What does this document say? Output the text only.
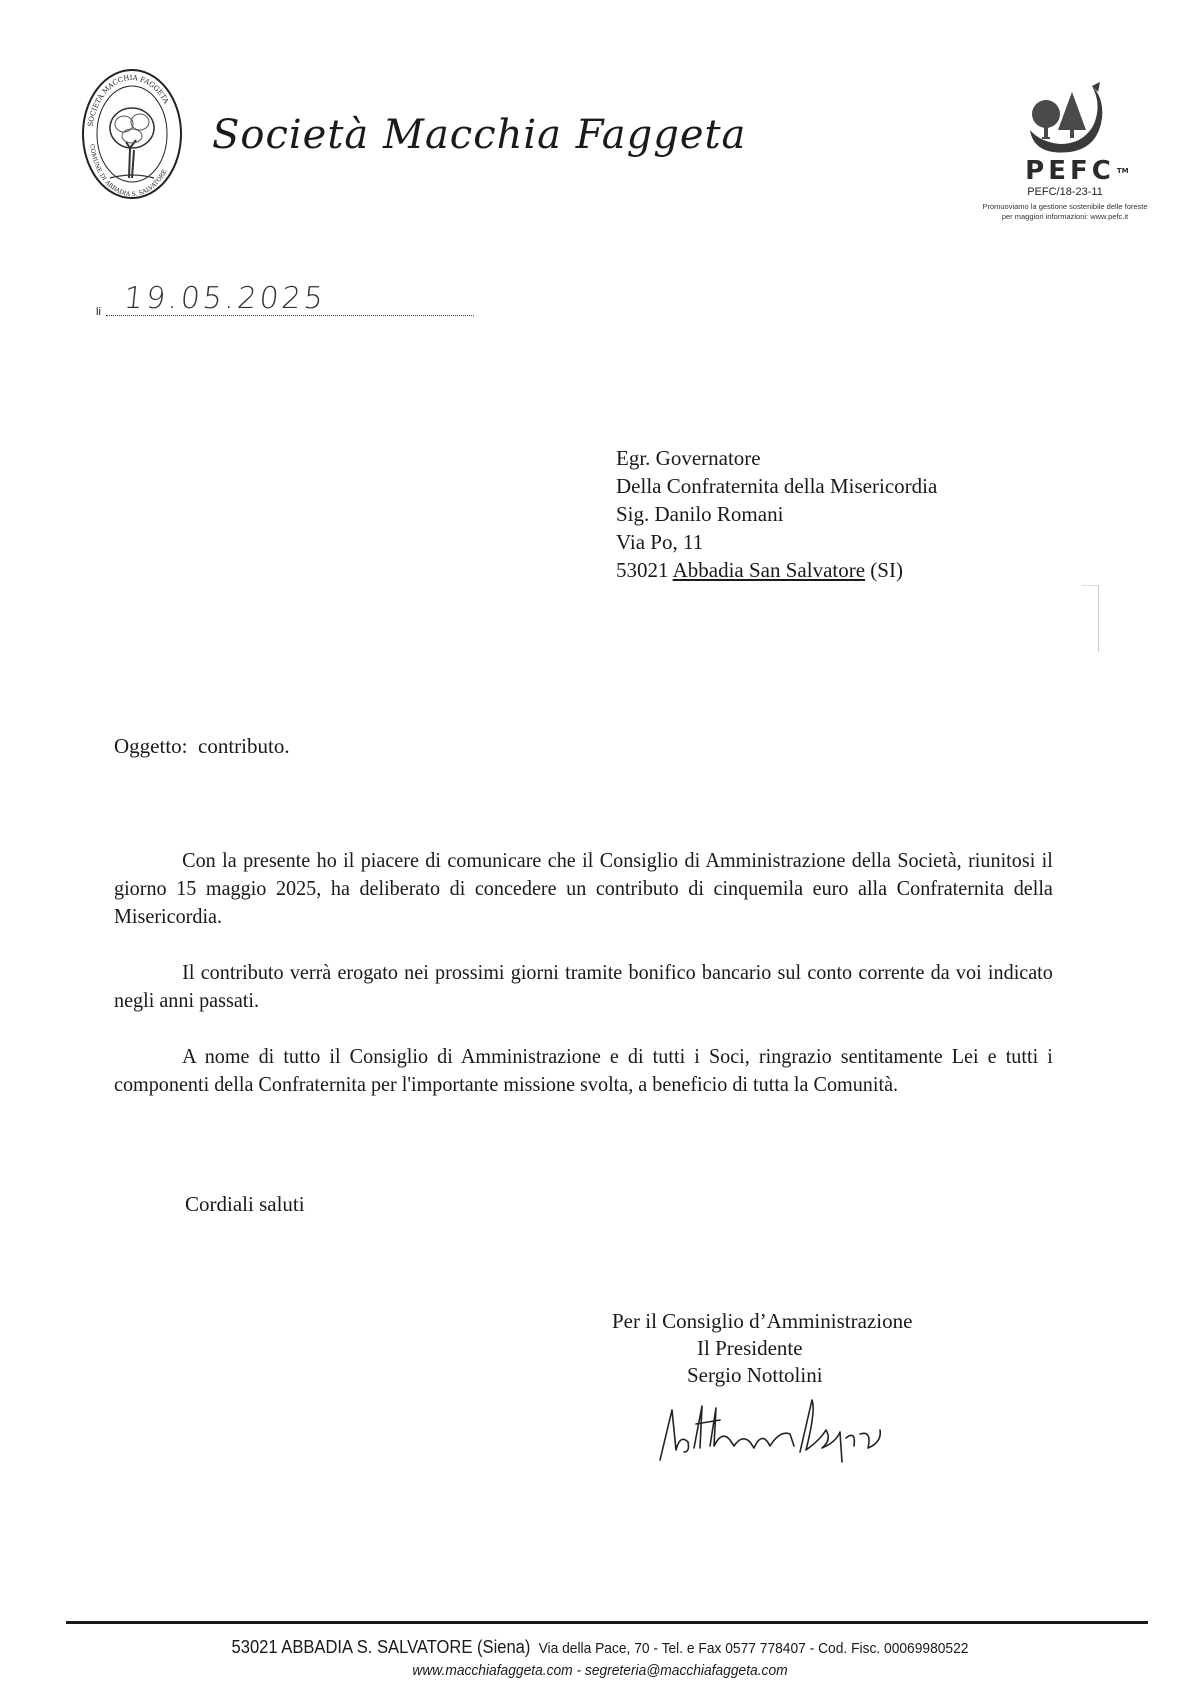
SOCIETÀ MACCHIA FAGGETA
COMUNE DI ABBADIA S. SALVATORE
Società Macchia Faggeta
PEFC TM
PEFC/18-23-11
Promuoviamo la gestione sostenibile delle foreste
per maggiori informazioni: www.pefc.it
li 19.05.2025
Egr. Governatore
Della Confraternita della Misericordia
Sig. Danilo Romani
Via Po, 11
53021 Abbadia San Salvatore (SI)
Oggetto: contributo.

Con la presente ho il piacere di comunicare che il Consiglio di Amministrazione della Società, riunitosi il giorno 15 maggio 2025, ha deliberato di concedere un contributo di cinquemila euro alla Confraternita della Misericordia.

Il contributo verrà erogato nei prossimi giorni tramite bonifico bancario sul conto corrente da voi indicato negli anni passati.

A nome di tutto il Consiglio di Amministrazione e di tutti i Soci, ringrazio sentitamente Lei e tutti i componenti della Confraternita per l'importante missione svolta, a beneficio di tutta la Comunità.

Cordiali saluti
Per il Consiglio d’Amministrazione
Il Presidente
Sergio Nottolini
53021 ABBADIA S. SALVATORE (Siena) Via della Pace, 70 - Tel. e Fax 0577 778407 - Cod. Fisc. 00069980522
www.macchiafaggeta.com - segreteria@macchiafaggeta.com
